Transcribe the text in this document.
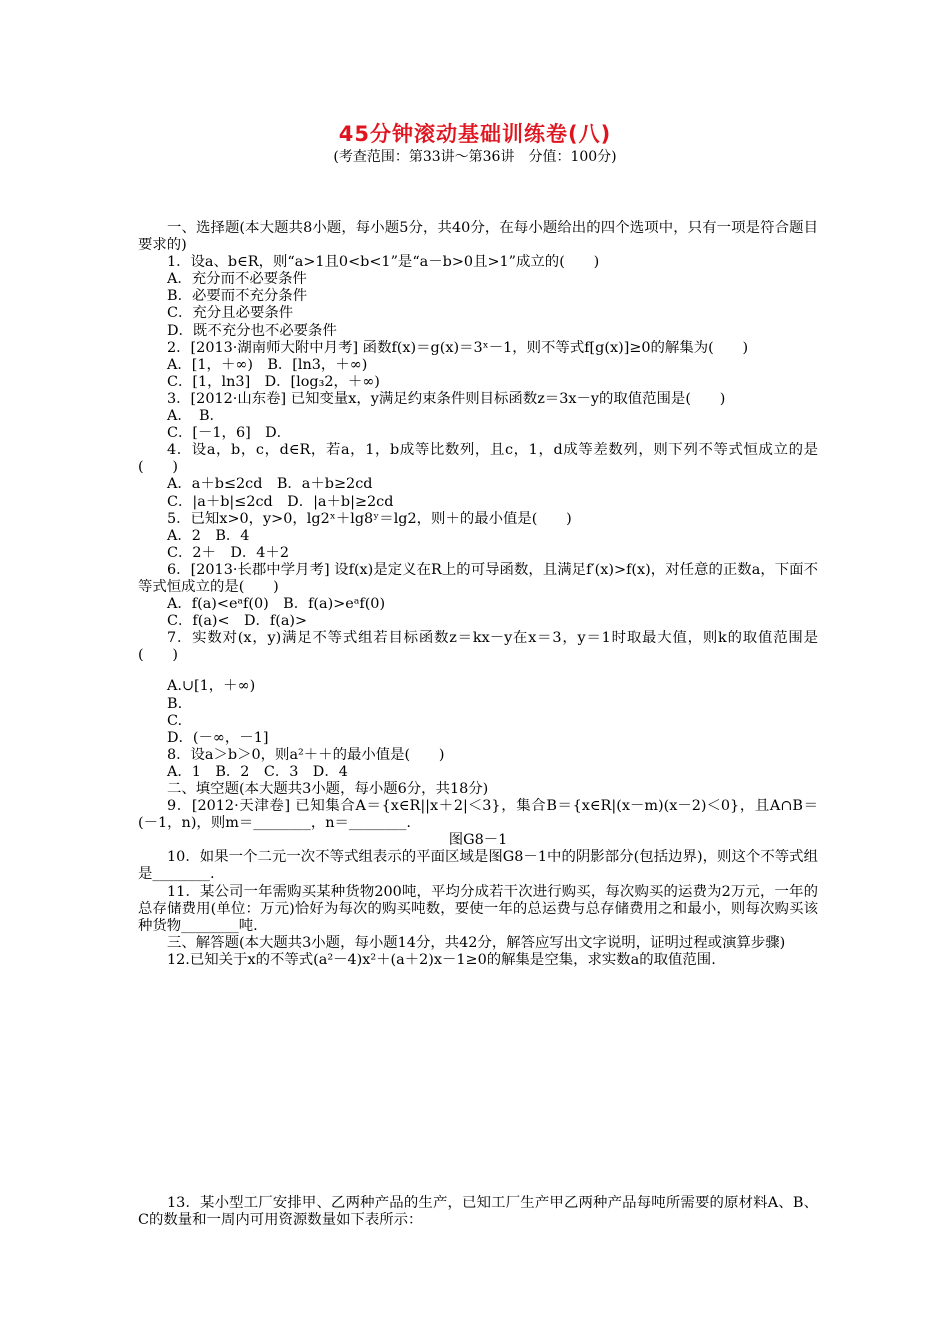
45分钟滚动基础训练卷(八)
(考查范围：第33讲～第36讲　分值：100分)
一、选择题(本大题共8小题，每小题5分，共40分，在每小题给出的四个选项中，只有一项是符合题目要求的)
1．设a、b∈R，则“a>1且0<b<1”是“a－b>0且>1”成立的(　　)
A．充分而不必要条件
B．必要而不充分条件
C．充分且必要条件
D．既不充分也不必要条件
2．[2013·湖南师大附中月考] 函数f(x)＝g(x)＝3ˣ－1，则不等式f[g(x)]≥0的解集为(　　)
A．[1，＋∞)　B．[ln3，＋∞)
C．[1，ln3]　D．[log₃2，＋∞)
3．[2012·山东卷] 已知变量x，y满足约束条件则目标函数z＝3x－y的取值范围是(　　)
A．　B．
C．[－1，6]　D．
4．设a，b，c，d∈R，若a，1，b成等比数列，且c，1，d成等差数列，则下列不等式恒成立的是(　　)
A．a＋b≤2cd　B．a＋b≥2cd
C．|a＋b|≤2cd　D．|a＋b|≥2cd
5．已知x>0，y>0，lg2ˣ＋lg8ʸ＝lg2，则＋的最小值是(　　)
A．2　B．4
C．2＋　D．4＋2
6．[2013·长郡中学月考] 设f(x)是定义在R上的可导函数，且满足f′(x)>f(x)，对任意的正数a，下面不等式恒成立的是(　　)
A．f(a)<eᵃf(0)　B．f(a)>eᵃf(0)
C．f(a)<　D．f(a)>
7．实数对(x，y)满足不等式组若目标函数z＝kx－y在x＝3，y＝1时取最大值，则k的取值范围是(　　)
A.∪[1，＋∞)
B.
C.
D．(－∞，－1]
8．设a＞b＞0，则a²＋＋的最小值是(　　)
A．1　B．2　C．3　D．4
二、填空题(本大题共3小题，每小题6分，共18分)
9．[2012·天津卷] 已知集合A＝{x∈R||x＋2|＜3}，集合B＝{x∈R|(x－m)(x－2)＜0}，且A∩B＝(－1，n)，则m＝________，n＝________.
图G8－1
10．如果一个二元一次不等式组表示的平面区域是图G8－1中的阴影部分(包括边界)，则这个不等式组是________.
11．某公司一年需购买某种货物200吨，平均分成若干次进行购买，每次购买的运费为2万元，一年的总存储费用(单位：万元)恰好为每次的购买吨数，要使一年的总运费与总存储费用之和最小，则每次购买该种货物________吨.
三、解答题(本大题共3小题，每小题14分，共42分，解答应写出文字说明，证明过程或演算步骤)
12.已知关于x的不等式(a²－4)x²＋(a＋2)x－1≥0的解集是空集，求实数a的取值范围.
13．某小型工厂安排甲、乙两种产品的生产，已知工厂生产甲乙两种产品每吨所需要的原材料A、B、C的数量和一周内可用资源数量如下表所示：
